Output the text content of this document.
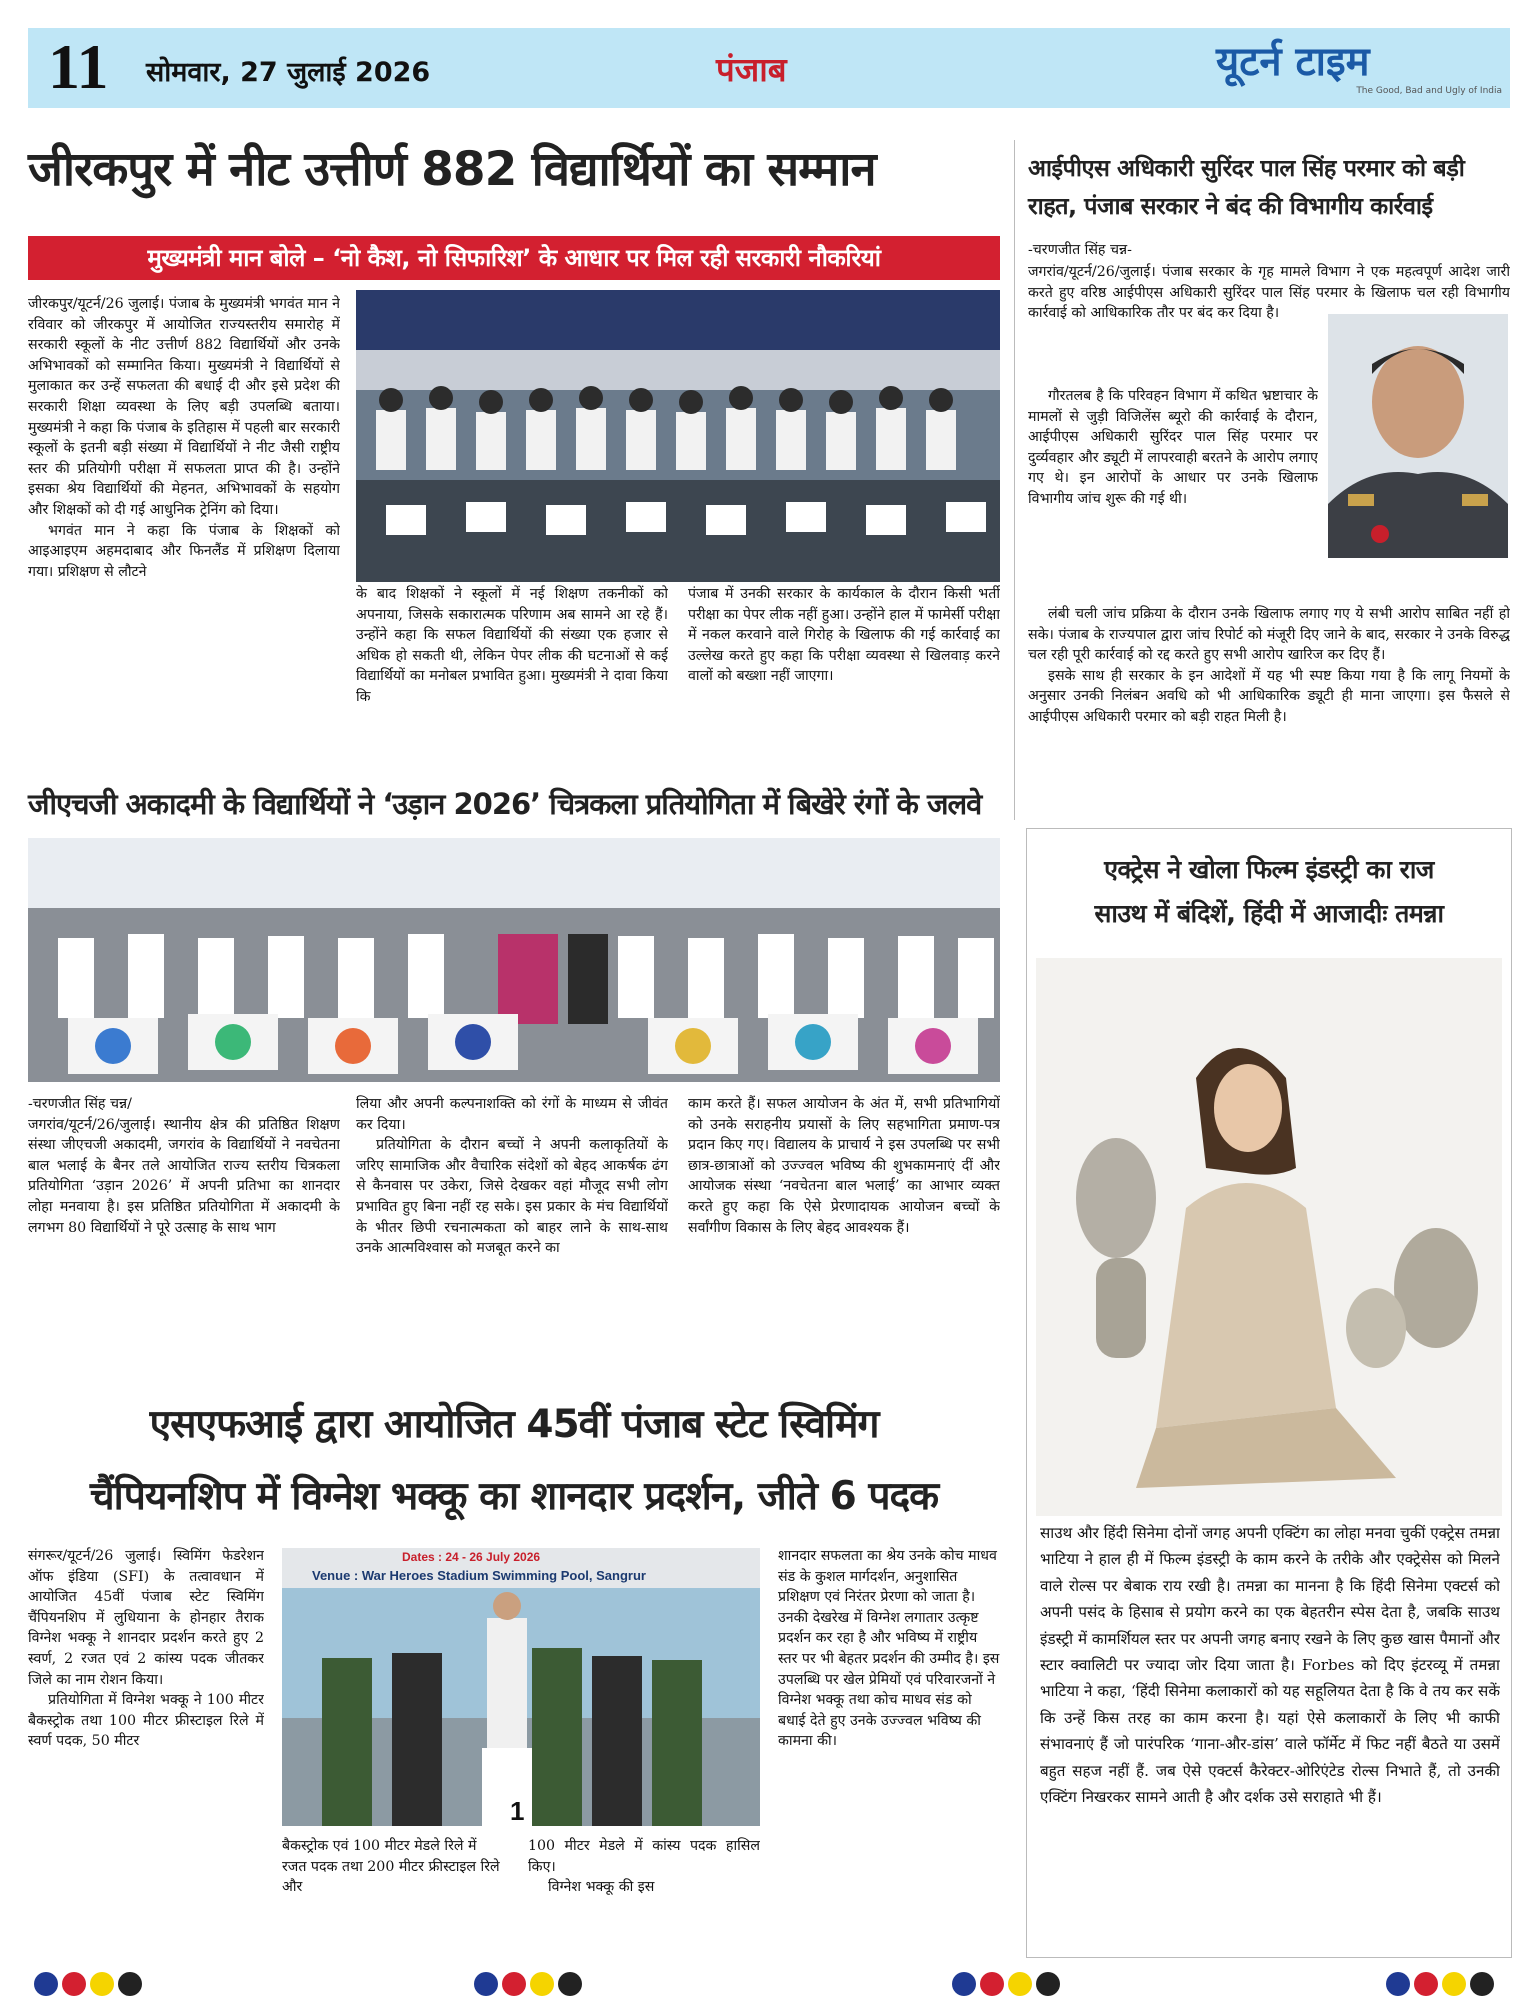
11 सोमवार, 27 जुलाई 2026	पंजाब	यूटर्न टाइम
The Good, Bad and Ugly of India
जीरकपुर में नीट उत्तीर्ण 882 विद्यार्थियों का सम्मान
मुख्यमंत्री मान बोले – ‘नो कैश, नो सिफारिश’ के आधार पर मिल रही सरकारी नौकरियां

जीरकपुर/यूटर्न/26 जुलाई। पंजाब के मुख्यमंत्री भगवंत मान ने रविवार को जीरकपुर में आयोजित राज्यस्तरीय समारोह में सरकारी स्कूलों के नीट उत्तीर्ण 882 विद्यार्थियों और उनके अभिभावकों को सम्मानित किया। मुख्यमंत्री ने विद्यार्थियों से मुलाकात कर उन्हें सफलता की बधाई दी और इसे प्रदेश की सरकारी शिक्षा व्यवस्था के लिए बड़ी उपलब्धि बताया। मुख्यमंत्री ने कहा कि पंजाब के इतिहास में पहली बार सरकारी स्कूलों के इतनी बड़ी संख्या में विद्यार्थियों ने नीट जैसी राष्ट्रीय स्तर की प्रतियोगी परीक्षा में सफलता प्राप्त की है। उन्होंने इसका श्रेय विद्यार्थियों की मेहनत, अभिभावकों के सहयोग और शिक्षकों को दी गई आधुनिक ट्रेनिंग को दिया।

भगवंत मान ने कहा कि पंजाब के शिक्षकों को आइआइएम अहमदाबाद और फिनलैंड में प्रशिक्षण दिलाया गया। प्रशिक्षण से लौटने

के बाद शिक्षकों ने स्कूलों में नई शिक्षण तकनीकों को अपनाया, जिसके सकारात्मक परिणाम अब सामने आ रहे हैं। उन्होंने कहा कि सफल विद्यार्थियों की संख्या एक हजार से अधिक हो सकती थी, लेकिन पेपर लीक की घटनाओं से कई विद्यार्थियों का मनोबल प्रभावित हुआ। मुख्यमंत्री ने दावा किया कि
पंजाब में उनकी सरकार के कार्यकाल के दौरान किसी भर्ती परीक्षा का पेपर लीक नहीं हुआ। उन्होंने हाल में फामेर्सी परीक्षा में नकल करवाने वाले गिरोह के खिलाफ की गई कार्रवाई का उल्लेख करते हुए कहा कि परीक्षा व्यवस्था से खिलवाड़ करने वालों को बख्शा नहीं जाएगा।
आईपीएस अधिकारी सुरिंदर पाल सिंह परमार को बड़ी
राहत, पंजाब सरकार ने बंद की विभागीय कार्रवाई
-चरणजीत सिंह चन्न-

जगरांव/यूटर्न/26/जुलाई। पंजाब सरकार के गृह मामले विभाग ने एक महत्वपूर्ण आदेश जारी करते हुए वरिष्ठ आईपीएस अधिकारी सुरिंदर पाल सिंह परमार के खिलाफ चल रही विभागीय कार्रवाई को आधिकारिक तौर पर बंद कर दिया है।

गौरतलब है कि परिवहन विभाग में कथित भ्रष्टाचार के मामलों से जुड़ी विजिलेंस ब्यूरो की कार्रवाई के दौरान, आईपीएस अधिकारी सुरिंदर पाल सिंह परमार पर दुर्व्यवहार और ड्यूटी में लापरवाही बरतने के आरोप लगाए गए थे। इन आरोपों के आधार पर उनके खिलाफ विभागीय जांच शुरू की गई थी।

लंबी चली जांच प्रक्रिया के दौरान उनके खिलाफ लगाए गए ये सभी आरोप साबित नहीं हो सके। पंजाब के राज्यपाल द्वारा जांच रिपोर्ट को मंजूरी दिए जाने के बाद, सरकार ने उनके विरुद्ध चल रही पूरी कार्रवाई को रद्द करते हुए सभी आरोप खारिज कर दिए हैं।

इसके साथ ही सरकार के इन आदेशों में यह भी स्पष्ट किया गया है कि लागू नियमों के अनुसार उनकी निलंबन अवधि को भी आधिकारिक ड्यूटी ही माना जाएगा। इस फैसले से आईपीएस अधिकारी परमार को बड़ी राहत मिली है।

जीएचजी अकादमी के विद्यार्थियों ने ‘उड़ान 2026’ चित्रकला प्रतियोगिता में बिखेरे रंगों के जलवे

-चरणजीत सिंह चन्न/

जगरांव/यूटर्न/26/जुलाई। स्थानीय क्षेत्र की प्रतिष्ठित शिक्षण संस्था जीएचजी अकादमी, जगरांव के विद्यार्थियों ने नवचेतना बाल भलाई के बैनर तले आयोजित राज्य स्तरीय चित्रकला प्रतियोगिता ‘उड़ान 2026’ में अपनी प्रतिभा का शानदार लोहा मनवाया है। इस प्रतिष्ठित प्रतियोगिता में अकादमी के लगभग 80 विद्यार्थियों ने पूरे उत्साह के साथ भाग

लिया और अपनी कल्पनाशक्ति को रंगों के माध्यम से जीवंत कर दिया।

प्रतियोगिता के दौरान बच्चों ने अपनी कलाकृतियों के जरिए सामाजिक और वैचारिक संदेशों को बेहद आकर्षक ढंग से कैनवास पर उकेरा, जिसे देखकर वहां मौजूद सभी लोग प्रभावित हुए बिना नहीं रह सके। इस प्रकार के मंच विद्यार्थियों के भीतर छिपी रचनात्मकता को बाहर लाने के साथ-साथ उनके आत्मविश्वास को मजबूत करने का

काम करते हैं। सफल आयोजन के अंत में, सभी प्रतिभागियों को उनके सराहनीय प्रयासों के लिए सहभागिता प्रमाण-पत्र प्रदान किए गए। विद्यालय के प्राचार्य ने इस उपलब्धि पर सभी छात्र-छात्राओं को उज्ज्वल भविष्य की शुभकामनाएं दीं और आयोजक संस्था ‘नवचेतना बाल भलाई’ का आभार व्यक्त करते हुए कहा कि ऐसे प्रेरणादायक आयोजन बच्चों के सर्वांगीण विकास के लिए बेहद आवश्यक हैं।
एक्ट्रेस ने खोला फिल्म इंडस्ट्री का राज
साउथ में बंदिशें, हिंदी में आजादीः तमन्ना
साउथ और हिंदी सिनेमा दोनों जगह अपनी एक्टिंग का लोहा मनवा चुकीं एक्ट्रेस तमन्ना भाटिया ने हाल ही में फिल्म इंडस्ट्री के काम करने के तरीके और एक्ट्रेसेस को मिलने वाले रोल्स पर बेबाक राय रखी है। तमन्ना का मानना है कि हिंदी सिनेमा एक्टर्स को अपनी पसंद के हिसाब से प्रयोग करने का एक बेहतरीन स्पेस देता है, जबकि साउथ इंडस्ट्री में कामर्शियल स्तर पर अपनी जगह बनाए रखने के लिए कुछ खास पैमानों और स्टार क्वालिटी पर ज्यादा जोर दिया जाता है। Forbes को दिए इंटरव्यू में तमन्ना भाटिया ने कहा, ‘हिंदी सिनेमा कलाकारों को यह सहूलियत देता है कि वे तय कर सकें कि उन्हें किस तरह का काम करना है। यहां ऐसे कलाकारों के लिए भी काफी संभावनाएं हैं जो पारंपरिक ‘गाना-और-डांस’ वाले फॉर्मेट में फिट नहीं बैठते या उसमें बहुत सहज नहीं हैं. जब ऐसे एक्टर्स कैरेक्टर-ओरिएंटेड रोल्स निभाते हैं, तो उनकी एक्टिंग निखरकर सामने आती है और दर्शक उसे सराहाते भी हैं।
एसएफआई द्वारा आयोजित 45वीं पंजाब स्टेट स्विमिंग
चैंपियनशिप में विग्नेश भक्कू का शानदार प्रदर्शन, जीते 6 पदक

संगरूर/यूटर्न/26 जुलाई। स्विमिंग फेडरेशन ऑफ इंडिया (SFI) के तत्वावधान में आयोजित 45वीं पंजाब स्टेट स्विमिंग चैंपियनशिप में लुधियाना के होनहार तैराक विग्नेश भक्कू ने शानदार प्रदर्शन करते हुए 2 स्वर्ण, 2 रजत एवं 2 कांस्य पदक जीतकर जिले का नाम रोशन किया।

प्रतियोगिता में विग्नेश भक्कू ने 100 मीटर बैकस्ट्रोक तथा 100 मीटर फ्रीस्टाइल रिले में स्वर्ण पदक, 50 मीटर

Dates : 24 - 26 July 2026
Venue : War Heroes Stadium Swimming Pool, Sangrur
1
बैकस्ट्रोक एवं 100 मीटर मेडले रिले में रजत पदक तथा 200 मीटर फ्रीस्टाइल रिले और

100 मीटर मेडले में कांस्य पदक हासिल किए।

विग्नेश भक्कू की इस

शानदार सफलता का श्रेय उनके कोच माधव संड के कुशल मार्गदर्शन, अनुशासित प्रशिक्षण एवं निरंतर प्रेरणा को जाता है। उनकी देखरेख में विग्नेश लगातार उत्कृष्ट प्रदर्शन कर रहा है और भविष्य में राष्ट्रीय स्तर पर भी बेहतर प्रदर्शन की उम्मीद है। इस उपलब्धि पर खेल प्रेमियों एवं परिवारजनों ने विग्नेश भक्कू तथा कोच माधव संड को बधाई देते हुए उनके उज्ज्वल भविष्य की कामना की।
